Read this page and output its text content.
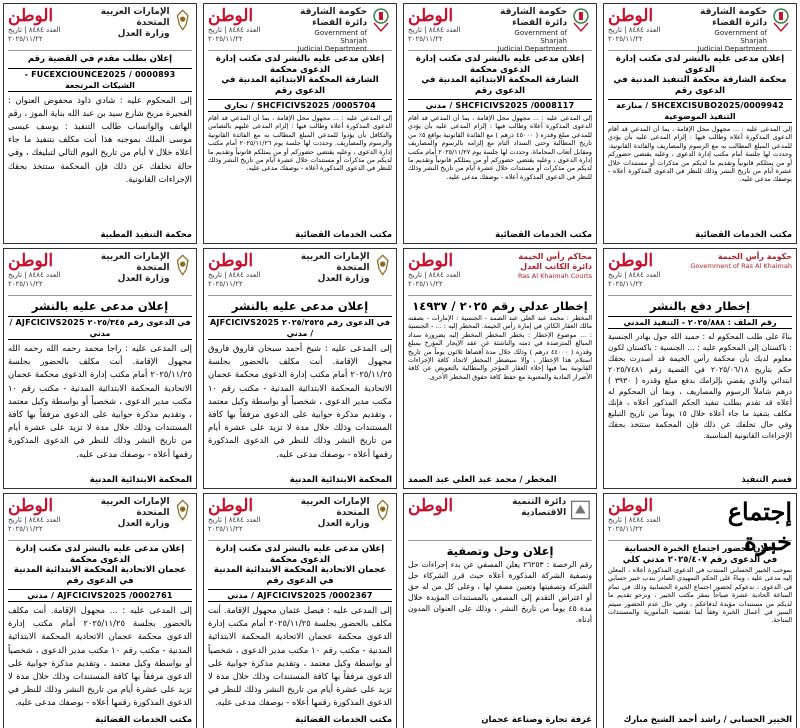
الوطن
العدد ٨٤٨٤ | تاريخ ٢٠٢٥/١١/٢٢
حكومة الشارقة
دائرة القضاء
Government of Sharjah
Judicial Department
إعلان مدعى عليه بالنشر لدى مكتب إدارة الدعوى
محكمة الشارقة محكمة التنفيذ المدنية في الدعوى رقم
SHCEXCISUBO2025/0009942 / منازعة التنفيذ الموضوعية
إلى المدعى عليه : ... مجهول محل الإقامة ، بما أن المدعي قد أقام الدعوى المذكورة أعلاه وطالب فيها : إلزام المدعى عليه بأن يؤدي للمدعي المبلغ المطالب به مع الرسوم والمصاريف والفائدة القانونية. وحددت لها جلسة أمام مكتب إدارة الدعوى ، وعليه يقتضي حضوركم أو من يمثلكم قانونياً وتقديم ما لديكم من مذكرات أو مستندات خلال عشرة أيام من تاريخ النشر وذلك للنظر في الدعوى المذكورة أعلاه - بوصفك مدعى عليه.
مكتب الخدمات القضائية
الوطن
العدد ٨٤٨٤ | تاريخ ٢٠٢٥/١١/٢٢
حكومة الشارقة
دائرة القضاء
Government of Sharjah
Judicial Department
إعلان مدعى عليه بالنشر لدى مكتب إدارة الدعوى محكمة
الشارقة المحكمة الابتدائية المدنية في الدعوى رقم
SHCFICIVS2025 /0008117 / مدني
إلى المدعى عليه : ... مجهول محل الإقامة ، بما أن المدعي قد أقام الدعوى المذكورة أعلاه وطالب فيها : إلزام المدعى عليه بأن يؤدي للمدعي مبلغ وقدره ( ٤٥٠٠٠ درهم ) مع الفائدة القانونية بواقع ٥٪ من تاريخ المطالبة وحتى السداد التام مع إلزامه بالرسوم والمصاريف ومقابل أتعاب المحاماة. وحددت لها جلسة يوم ٢٠٢٥/١١/٢٧ أمام مكتب إدارة الدعوى ، وعليه يقتضي حضوركم أو من يمثلكم قانونياً وتقديم ما لديكم من مذكرات أو مستندات خلال عشرة أيام من تاريخ النشر وذلك للنظر في الدعوى المذكورة أعلاه - بوصفك مدعى عليه.
مكتب الخدمات القضائية
الوطن
العدد ٨٤٨٤ | تاريخ ٢٠٢٥/١١/٢٢
حكومة الشارقة
دائرة القضاء
Government of Sharjah
Judicial Department
إعلان مدعى عليه بالنشر لدى مكتب إدارة الدعوى محكمة
الشارقة المحكمة الابتدائية المدنية في الدعوى رقم
SHCFICIVS2025 /0005704 / تجاري
إلى المدعي عليه : ... مجهول محل الإقامة ، بما أن المدعي قد أقام الدعوى المذكورة أعلاه وطالب فيها : إلزام المدعى عليهم بالتضامن والتكافل بأن يؤدوا للمدعي المبلغ المطالب به مع الفائدة القانونية والرسوم والمصاريف. وحددت لها جلسة يوم ٢٠٢٥/١١/٢٦ أمام مكتب إدارة الدعوى ، وعليه يقتضي حضوركم أو من يمثلكم قانونياً وتقديم ما لديكم من مذكرات أو مستندات خلال عشرة أيام من تاريخ النشر وذلك للنظر في الدعوى المذكورة أعلاه - بوصفك مدعى عليه.
مكتب الخدمات القضائية
الوطن
العدد ٨٤٨٤ | تاريخ ٢٠٢٥/١١/٢٢
الإمارات العربية المتحدة
وزارة العدل
إعلان بطلب مقدم في القضية رقم
FUCEXCIOUNCE2025 / 0000893 - الشيكات المرتجعة
إلى المحكوم عليه : شادي ذاوذ محفوض العنوان : الفجيرة مربخ شارع سيد بن عبد الله بناية الموز ، رقم الهاتف والواتساب طالب التنفيذ : يوسف عيسى موسى الملك بموجبه هذا أنت مكلف بتنفيذ ما جاء أعلاه خلال ٧ أيام من تاريخ اليوم التالي لتبليغك ، وفي حالة تخلفك عن ذلك فإن المحكمة ستتخذ بحقك الإجراءات القانونية.
محكمة التنفيذ المطبية
الوطن
العدد ٨٤٨٤ | تاريخ ٢٠٢٥/١١/٢٢
حكومة رأس الخيمة
Government of Ras Al Khaimah
إخطار دفع بالنشر
رقم الملف : ٢٠٢٥/٨٨٨ - التنفيذ المدني
بناءً على طلب المحكوم له : حميد الله جول بهادر الجنسية : باكستان إلى المحكوم عليه : ... الجنسية : باكستان لكون معلوم لديك بأن محكمة رأس الخيمة قد أصدرت بحقك حكم بتاريخ ٢٠٢٥/٠٦/١٨ في القضية رقم ٢٠٢٥/٧٤٨١ ابتدائي والذي يقضي بإلزامك بدفع مبلغ وقدره ( ٣٩٣٠ ) درهم شاملاً الرسوم والمصاريف ، وبما أن المحكوم له أعلاه قد تقدم بطلب تنفيذ الحكم المذكور أعلاه ، فإنك مكلف بتنفيذ ما جاء أعلاه خلال ١٥ يوماً من تاريخ التبليغ وفي حال تخلفك عن ذلك فإن المحكمة ستتخذ بحقك الإجراءات القانونية المناسبة.
قسم التنفيذ
الوطن
العدد ٨٤٨٤ | تاريخ ٢٠٢٥/١١/٢٢
محاكم رأس الخيمة
دائرة الكاتب العدل
Ras Al Khaimah Courts
إخطار عدلي رقم ٢٠٢٥ / ١٤٩٣٧
المخطر : محمد عبد العلي عبد الصمد - الجنسية : الإمارات - بصفته مالك العقار الكائن في إمارة رأس الخيمة. المخطر إليه : ... - الجنسية : ... موضوع الإخطار : يخطر المخطر المخطر إليه بضرورة سداد المبالغ المترصدة في ذمته والناشئة عن عقد الإيجار المؤرخ بمبلغ وقدره ( ٤٤٠٠٠ درهم ) وذلك خلال مدة أقصاها ثلاثون يوماً من تاريخ استلام هذا الإخطار ، وإلا سيضطر المخطر لاتخاذ كافة الإجراءات القانونية بما فيها إخلاء العقار المؤجر والمطالبة بالتعويض عن كافة الأضرار المادية والمعنوية مع حفظ كافة حقوق المخطر الأخرى.
المخطر / محمد عبد العلي عبد الصمد
الوطن
العدد ٨٤٨٤ | تاريخ ٢٠٢٥/١١/٢٢
الإمارات العربية المتحدة
وزارة العدل
إعلان مدعى عليه بالنشر
في الدعوى رقم ٢٠٢٥/٢٥٢٥ AJFCICIVS2025 / مدني
إلى المدعى عليه : شيخ أحمد سبحان فاروق فاروق مجهول الإقامة. أنت مكلف بالحضور بجلسة ٢٠٢٥/١١/٢٥ أمام مكتب إدارة الدعوى محكمة عجمان الاتحادية المحكمة الابتدائية المدنية - مكتب رقم ١٠ مكتب مدير الدعوى ، شخصياً أو بواسطة وكيل معتمد ، وتقديم مذكرة جوابية على الدعوى مرفقاً بها كافة المستندات وذلك خلال مدة لا تزيد على عشرة أيام من تاريخ النشر وذلك للنظر في الدعوى المذكورة رقمها أعلاه - بوصفك مدعى عليه.
المحكمة الابتدائية المدنية
الوطن
العدد ٨٤٨٤ | تاريخ ٢٠٢٥/١١/٢٢
الإمارات العربية المتحدة
وزارة العدل
إعلان مدعى عليه بالنشر
في الدعوى رقم ٢٠٢٥/٣٤٥ AJFCICIVS2025 / مدني
إلى المدعى عليه : راجا محمد رحمه الله رحمه الله مجهول الإقامة. أنت مكلف بالحضور بجلسة ٢٠٢٥/١١/٢٥ أمام مكتب إدارة الدعوى محكمة عجمان الاتحادية المحكمة الابتدائية المدنية - مكتب رقم ١٠ مكتب مدير الدعوى ، شخصياً أو بواسطة وكيل معتمد ، وتقديم مذكرة جوابية على الدعوى مرفقاً بها كافة المستندات وذلك خلال مدة لا تزيد على عشرة أيام من تاريخ النشر وذلك للنظر في الدعوى المذكورة رقمها أعلاه - بوصفك مدعى عليه.
المحكمة الابتدائية المدنية
الوطن
العدد ٨٤٨٤ | تاريخ ٢٠٢٥/١١/٢٢
إجتماع خبرة
إعلان لحضور اجتماع الخبرة الحسابية
في الدعوى رقم ٢٠٢٥/٤٠٧ مدني كلي
بموجب الخبير الحسابي المنتدب في الدعوى المذكورة أعلاه ، المعلن إليه مدعى عليه ، وبناءً على الحكم التمهيدي الصادر بندب خبير حسابي في الدعوى ، ندعوكم لحضور اجتماع الخبرة الحسابية وذلك في تمام الساعة الحادية عشرة صباحاً بمقر مكتب الخبير ، ونرجو تقديم ما لديكم من مستندات مؤيدة لدفاعكم ، وفي حال عدم الحضور سيتم السير في أعمال الخبرة وفقاً لما تقتضيه المأمورية والمستندات المتاحة.
الخبير الحسابي / راشد أحمد الشيخ مبارك
الوطن	دائرة التنمية الاقتصادية
إعلان وحل وتصفية
رقم الرخصة : ٢٦٢٥٣ يعلن المصفي عن بدء إجراءات حل وتصفية الشركة المذكورة أعلاه حيث قرر الشركاء حل الشركة وتصفيتها وتعيين مصفٍ لها ، وعلى كل من له حق أو اعتراض التقدم إلى المصفي بالمستندات المؤيدة خلال مدة ٤٥ يوماً من تاريخ النشر ، وذلك على العنوان المدون أدناه.
غرفة تجارة وصناعة عجمان
الوطن
العدد ٨٤٨٤ | تاريخ ٢٠٢٥/١١/٢٢
الإمارات العربية المتحدة
وزارة العدل
إعلان مدعى عليه بالنشر لدى مكتب إدارة الدعوى محكمة
عجمان الاتحادية المحكمة الابتدائية المدنية في الدعوى رقم
AJFCICIVS2025 /0002367 / مدني
إلى المدعى عليه : فيصل عثمان مجهول الإقامة. أنت مكلف بالحضور بجلسة ٢٠٢٥/١١/٢٥ أمام مكتب إدارة الدعوى محكمة عجمان الاتحادية المحكمة الابتدائية المدنية - مكتب رقم ١٠ مكتب مدير الدعوى ، شخصياً أو بواسطة وكيل معتمد ، وتقديم مذكرة جوابية على الدعوى مرفقاً بها كافة المستندات وذلك خلال مدة لا تزيد على عشرة أيام من تاريخ النشر وذلك للنظر في الدعوى المذكورة رقمها أعلاه - بوصفك مدعى عليه.
مكتب الخدمات القضائية
الوطن
العدد ٨٤٨٤ | تاريخ ٢٠٢٥/١١/٢٢
الإمارات العربية المتحدة
وزارة العدل
إعلان مدعى عليه بالنشر لدى مكتب إدارة الدعوى محكمة
عجمان الاتحادية المحكمة الابتدائية المدنية في الدعوى رقم
AJFCICIVS2025 /0002761 / مدني
إلى المدعى عليه : ... مجهول الإقامة. أنت مكلف بالحضور بجلسة ٢٠٢٥/١١/٢٥ أمام مكتب إدارة الدعوى محكمة عجمان الاتحادية المحكمة الابتدائية المدنية - مكتب رقم ١٠ مكتب مدير الدعوى ، شخصياً أو بواسطة وكيل معتمد ، وتقديم مذكرة جوابية على الدعوى مرفقاً بها كافة المستندات وذلك خلال مدة لا تزيد على عشرة أيام من تاريخ النشر وذلك للنظر في الدعوى المذكورة رقمها أعلاه - بوصفك مدعى عليه.
مكتب الخدمات القضائية
